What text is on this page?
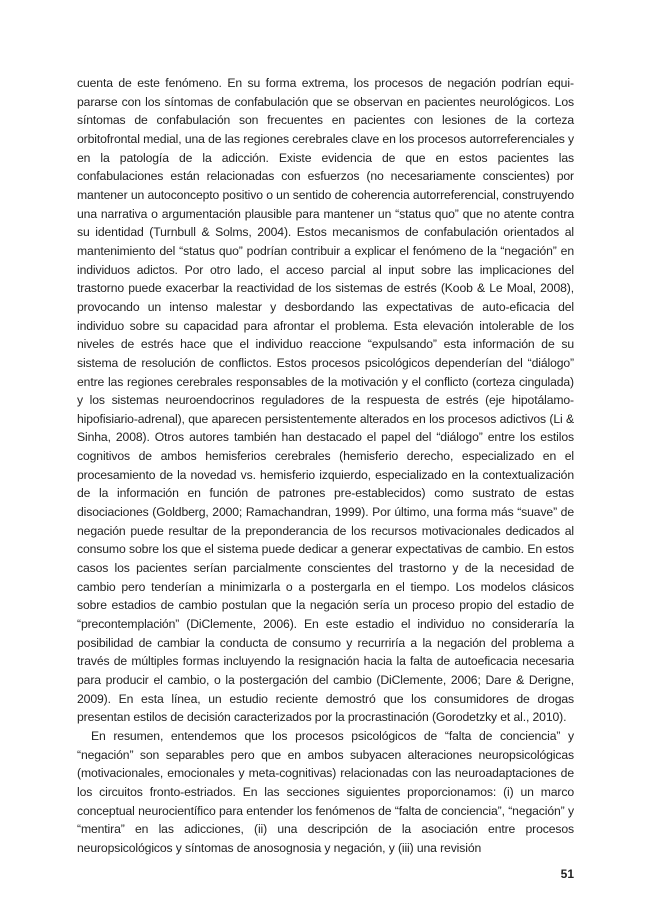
cuenta de este fenómeno. En su forma extrema, los procesos de negación podrían equipararse con los síntomas de confabulación que se observan en pacientes neurológicos. Los síntomas de confabulación son frecuentes en pacientes con lesiones de la corteza orbitofrontal medial, una de las regiones cerebrales clave en los procesos autorreferenciales y en la patología de la adicción. Existe evidencia de que en estos pacientes las confabulaciones están relacionadas con esfuerzos (no necesariamente conscientes) por mantener un autoconcepto positivo o un sentido de coherencia autorreferencial, construyendo una narrativa o argumentación plausible para mantener un “status quo” que no atente contra su identidad (Turnbull & Solms, 2004). Estos mecanismos de confabulación orientados al mantenimiento del “status quo” podrían contribuir a explicar el fenómeno de la “negación” en individuos adictos. Por otro lado, el acceso parcial al input sobre las implicaciones del trastorno puede exacerbar la reactividad de los sistemas de estrés (Koob & Le Moal, 2008), provocando un intenso malestar y desbordando las expectativas de auto-eficacia del individuo sobre su capacidad para afrontar el problema. Esta elevación intolerable de los niveles de estrés hace que el individuo reaccione “expulsando” esta información de su sistema de resolución de conflictos. Estos procesos psicológicos dependerían del “diálogo” entre las regiones cerebrales responsables de la motivación y el conflicto (corteza cingulada) y los sistemas neuroendocrinos reguladores de la respuesta de estrés (eje hipotálamo-hipofisiario-adrenal), que aparecen persistentemente alterados en los procesos adictivos (Li & Sinha, 2008). Otros autores también han destacado el papel del “diálogo” entre los estilos cognitivos de ambos hemisferios cerebrales (hemisferio derecho, especializado en el procesamiento de la novedad vs. hemisferio izquierdo, especializado en la contextualización de la información en función de patrones pre-establecidos) como sustrato de estas disociaciones (Goldberg, 2000; Ramachandran, 1999). Por último, una forma más “suave” de negación puede resultar de la preponderancia de los recursos motivacionales dedicados al consumo sobre los que el sistema puede dedicar a generar expectativas de cambio. En estos casos los pacientes serían parcialmente conscientes del trastorno y de la necesidad de cambio pero tenderían a minimizarla o a postergarla en el tiempo. Los modelos clásicos sobre estadios de cambio postulan que la negación sería un proceso propio del estadio de “precontemplación” (DiClemente, 2006). En este estadio el individuo no consideraría la posibilidad de cambiar la conducta de consumo y recurriría a la negación del problema a través de múltiples formas incluyendo la resignación hacia la falta de autoeficacia necesaria para producir el cambio, o la postergación del cambio (DiClemente, 2006; Dare & Derigne, 2009). En esta línea, un estudio reciente demostró que los consumidores de drogas presentan estilos de decisión caracterizados por la procrastinación (Gorodetzky et al., 2010).

En resumen, entendemos que los procesos psicológicos de “falta de conciencia” y “negación” son separables pero que en ambos subyacen alteraciones neuropsicológicas (motivacionales, emocionales y meta-cognitivas) relacionadas con las neuroadaptaciones de los circuitos fronto-estriados. En las secciones siguientes proporcionamos: (i) un marco conceptual neurocientífico para entender los fenómenos de “falta de conciencia”, “negación” y “mentira” en las adicciones, (ii) una descripción de la asociación entre procesos neuropsicológicos y síntomas de anosognosia y negación, y (iii) una revisión

51
